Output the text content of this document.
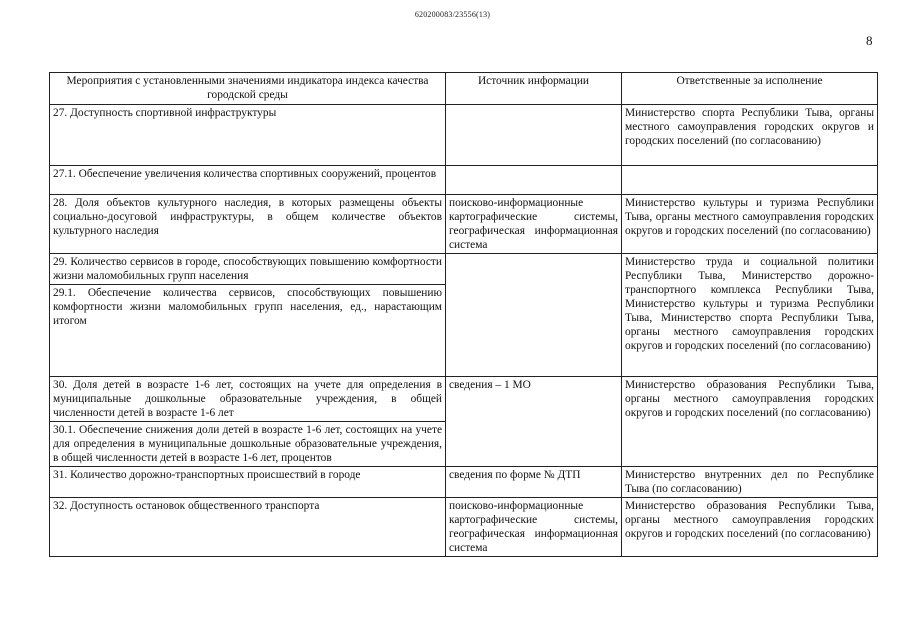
620200083/23556(13)
8
Мероприятия с установленными значениями индикатора индекса качества городской среды	Источник информации	Ответственные за исполнение
27. Доступность спортивной инфраструктуры		Министерство спорта Республики Тыва, органы местного самоуправления городских округов и городских поселений (по согласованию)
27.1. Обеспечение увеличения количества спортивных сооружений, процентов		
28. Доля объектов культурного наследия, в которых размещены объекты социально-досуговой инфраструктуры, в общем количестве объектов культурного наследия	поисково-информационные картографические системы, географическая информационная система	Министерство культуры и туризма Республики Тыва, органы местного самоуправления городских округов и городских поселений (по согласованию)
29. Количество сервисов в городе, способствующих повышению комфортности жизни маломобильных групп населения		Министерство труда и социальной политики Республики Тыва, Министерство дорожно-транспортного комплекса Республики Тыва, Министерство культуры и туризма Республики Тыва, Министерство спорта Республики Тыва, органы местного самоуправления городских округов и городских поселений (по согласованию)
29.1. Обеспечение количества сервисов, способствующих повышению комфортности жизни маломобильных групп населения, ед., нарастающим итогом		
30. Доля детей в возрасте 1-6 лет, состоящих на учете для определения в муниципальные дошкольные образовательные учреждения, в общей численности детей в возрасте 1-6 лет	сведения – 1 МО	Министерство образования Республики Тыва, органы местного самоуправления городских округов и городских поселений (по согласованию)
30.1. Обеспечение снижения доли детей в возрасте 1-6 лет, состоящих на учете для определения в муниципальные дошкольные образовательные учреждения, в общей численности детей в возрасте 1-6 лет, процентов		
31. Количество дорожно-транспортных происшествий в городе	сведения по форме № ДТП	Министерство внутренних дел по Республике Тыва (по согласованию)
32. Доступность остановок общественного транспорта	поисково-информационные картографические системы, географическая информационная система	Министерство образования Республики Тыва, органы местного самоуправления городских округов и городских поселений (по согласованию)
